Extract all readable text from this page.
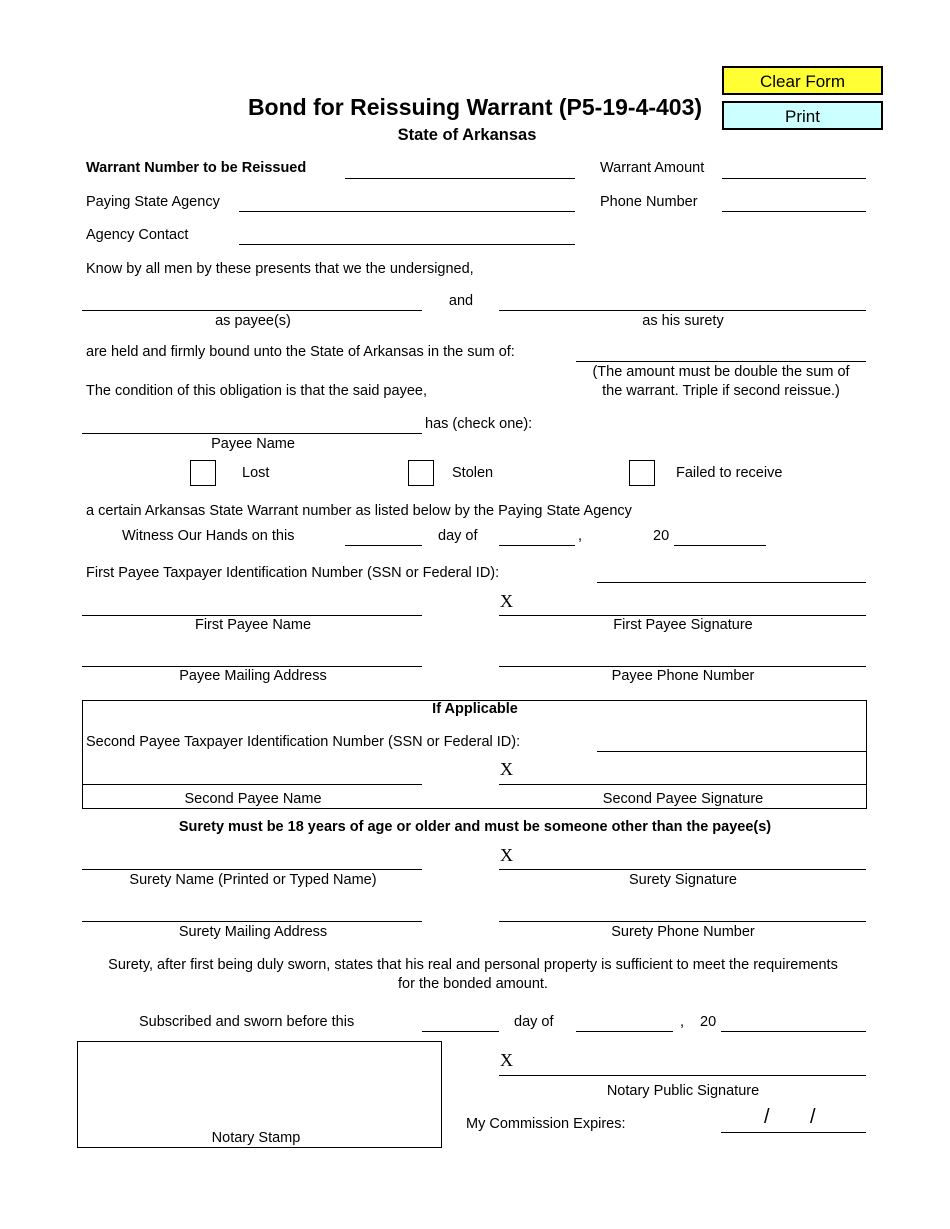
Clear Form
Print
Bond for Reissuing Warrant (P5-19-4-403)
State of Arkansas
Warrant Number to be Reissued	Warrant Amount
Paying State Agency	Phone Number
Agency Contact
Know by all men by these presents that we the undersigned,
and
as payee(s)	as his surety
are held and firmly bound unto the State of Arkansas in the sum of:
(The amount must be double the sum of
the warrant. Triple if second reissue.)
The condition of this obligation is that the said payee,
has (check one):
Payee Name
Lost	Stolen	Failed to receive
a certain Arkansas State Warrant number as listed below by the Paying State Agency
Witness Our Hands on this	day of	,	20
First Payee Taxpayer Identification Number (SSN or Federal ID):
X
First Payee Name	First Payee Signature
Payee Mailing Address	Payee Phone Number
If Applicable
Second Payee Taxpayer Identification Number (SSN or Federal ID):
X
Second Payee Name	Second Payee Signature
Surety must be 18 years of age or older and must be someone other than the payee(s)
X
Surety Name (Printed or Typed Name)	Surety Signature
Surety Mailing Address	Surety Phone Number
Surety, after first being duly sworn, states that his real and personal property is sufficient to meet the requirements
for the bonded amount.
Subscribed and sworn before this	day of	, 20
Notary Stamp
X
Notary Public Signature
My Commission Expires:	/ /
